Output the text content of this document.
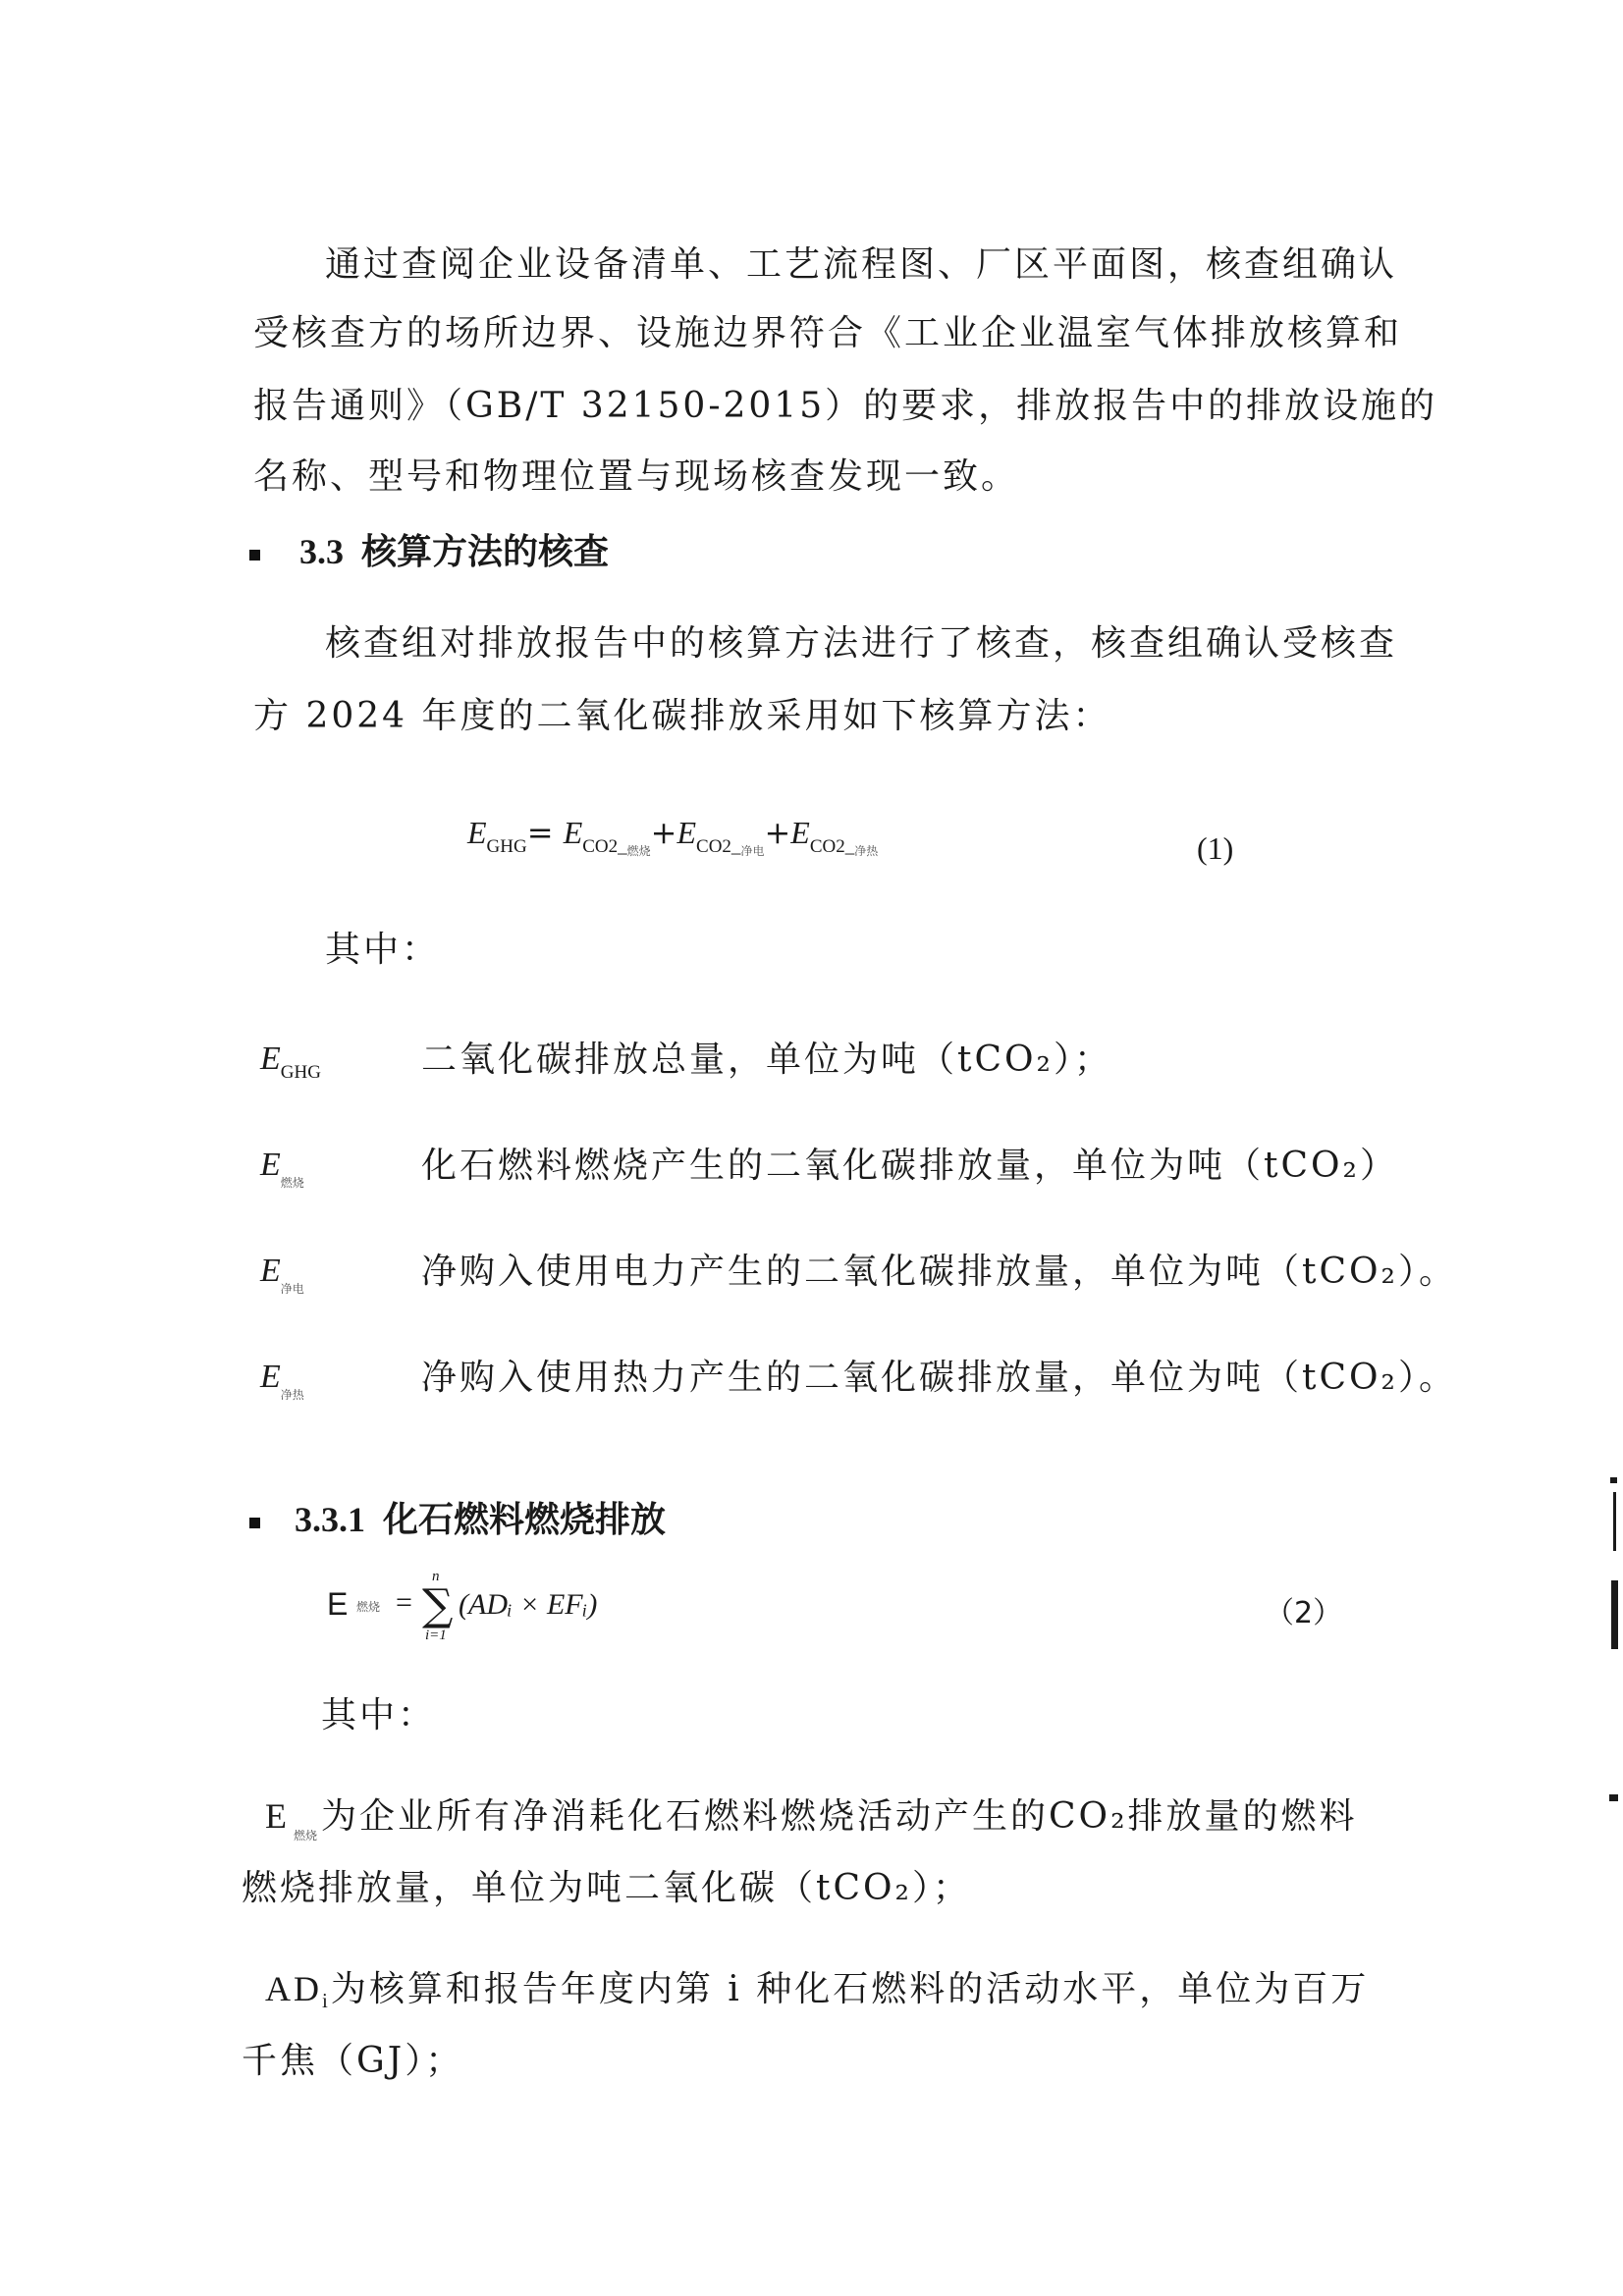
通过查阅企业设备清单、工艺流程图、厂区平面图，核查组确认
受核查方的场所边界、设施边界符合《工业企业温室气体排放核算和
报告通则》（GB/T 32150-2015）的要求，排放报告中的排放设施的
名称、型号和物理位置与现场核查发现一致。
3.3 核算方法的核查
核查组对排放报告中的核算方法进行了核查，核查组确认受核查
方 2024 年度的二氧化碳排放采用如下核算方法：
$E_{GHG}= E_{CO2\_燃烧}+E_{CO2\_净电}+E_{CO2\_净热}$	(1)
其中：
EGHG	二氧化碳排放总量，单位为吨（tCO₂）；
$E_{燃烧}$	化石燃料燃烧产生的二氧化碳排放量，单位为吨（tCO₂）
$E_{净电}$	净购入使用电力产生的二氧化碳排放量，单位为吨（tCO₂）。
$E_{净热}$	净购入使用热力产生的二氧化碳排放量，单位为吨（tCO₂）。
3.3.1 化石燃料燃烧排放
E 燃烧 =
n
∑
i=1
(ADᵢ × EFᵢ)	（2）
其中：
E $_{燃烧}$ 为企业所有净消耗化石燃料燃烧活动产生的CO₂排放量的燃料
燃烧排放量，单位为吨二氧化碳（tCO₂）；
ADi为核算和报告年度内第 i 种化石燃料的活动水平，单位为百万
千焦（GJ）；
